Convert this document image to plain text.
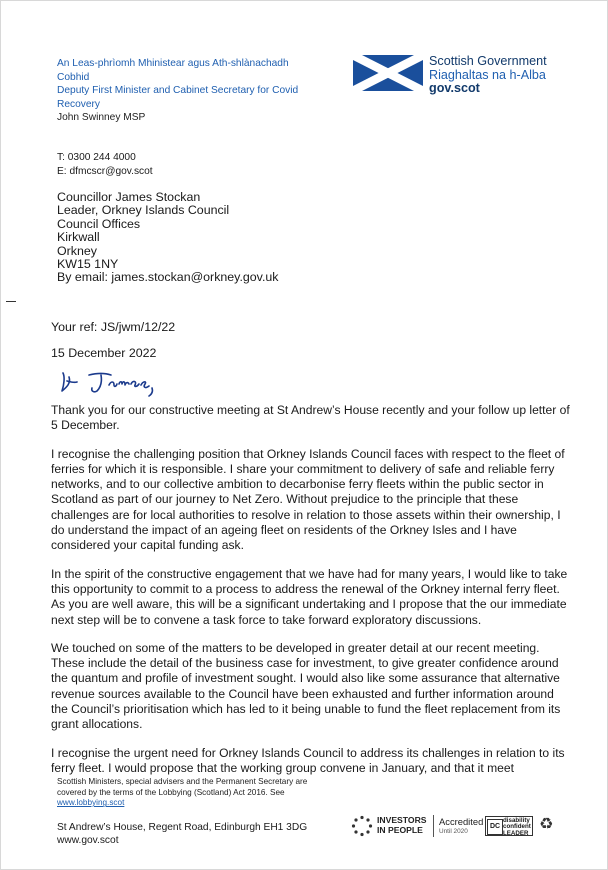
An Leas-phrìomh Mhinistear agus Ath-shlànachadh
Cobhid
Deputy First Minister and Cabinet Secretary for Covid
Recovery
John Swinney MSP
Scottish Government
Riaghaltas na h-Alba
gov.scot
T: 0300 244 4000
E: dfmcscr@gov.scot
Councillor James Stockan
Leader, Orkney Islands Council
Council Offices
Kirkwall
Orkney
KW15 1NY
By email: james.stockan@orkney.gov.uk
Your ref: JS/jwm/12/22
15 December 2022

Thank you for our constructive meeting at St Andrew’s House recently and your follow up letter of 5 December.

I recognise the challenging position that Orkney Islands Council faces with respect to the fleet of ferries for which it is responsible. I share your commitment to delivery of safe and reliable ferry networks, and to our collective ambition to decarbonise ferry fleets within the public sector in Scotland as part of our journey to Net Zero. Without prejudice to the principle that these challenges are for local authorities to resolve in relation to those assets within their ownership, I do understand the impact of an ageing fleet on residents of the Orkney Isles and I have considered your capital funding ask.

In the spirit of the constructive engagement that we have had for many years, I would like to take this opportunity to commit to a process to address the renewal of the Orkney internal ferry fleet. As you are well aware, this will be a significant undertaking and I propose that the our immediate next step will be to convene a task force to take forward exploratory discussions.

We touched on some of the matters to be developed in greater detail at our recent meeting. These include the detail of the business case for investment, to give greater confidence around the quantum and profile of investment sought. I would also like some assurance that alternative revenue sources available to the Council have been exhausted and further information around the Council’s prioritisation which has led to it being unable to fund the fleet replacement from its grant allocations.

I recognise the urgent need for Orkney Islands Council to address its challenges in relation to its ferry fleet. I would propose that the working group convene in January, and that it meet

Scottish Ministers, special advisers and the Permanent Secretary are
covered by the terms of the Lobbying (Scotland) Act 2016. See
www.lobbying.scot
St Andrew’s House, Regent Road, Edinburgh EH1 3DG
www.gov.scot
INVESTORS
IN PEOPLE
Accredited
Until 2020
DC
disability
confident
LEADER
♻
